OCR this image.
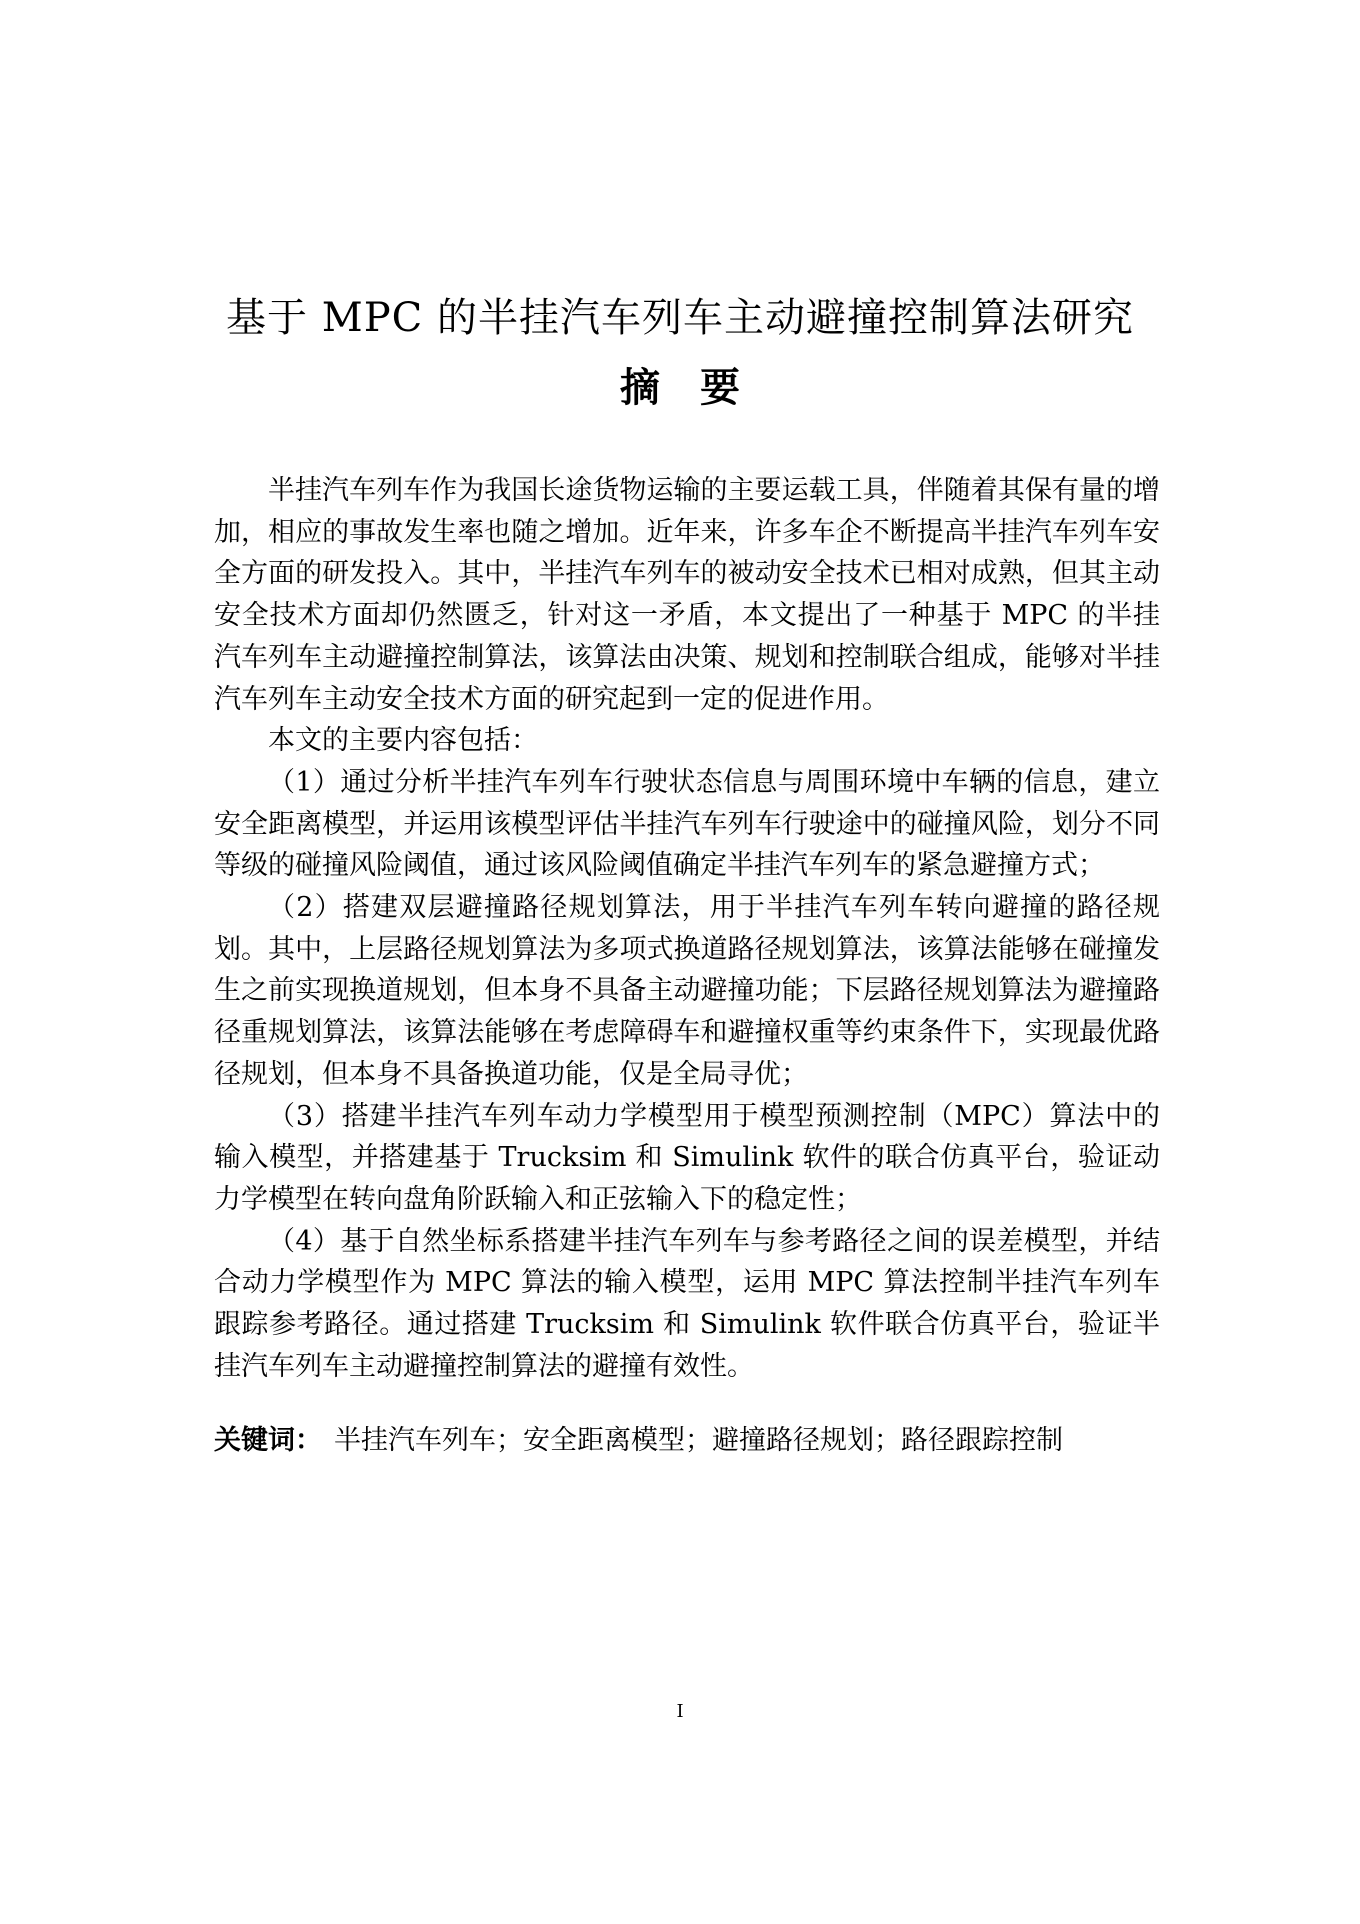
基于 MPC 的半挂汽车列车主动避撞控制算法研究
摘要

半挂汽车列车作为我国长途货物运输的主要运载工具，伴随着其保有量的增加，相应的事故发生率也随之增加。近年来，许多车企不断提高半挂汽车列车安全方面的研发投入。其中，半挂汽车列车的被动安全技术已相对成熟，但其主动安全技术方面却仍然匮乏，针对这一矛盾，本文提出了一种基于 MPC 的半挂汽车列车主动避撞控制算法，该算法由决策、规划和控制联合组成，能够对半挂汽车列车主动安全技术方面的研究起到一定的促进作用。

本文的主要内容包括：

（1）通过分析半挂汽车列车行驶状态信息与周围环境中车辆的信息，建立安全距离模型，并运用该模型评估半挂汽车列车行驶途中的碰撞风险，划分不同等级的碰撞风险阈值，通过该风险阈值确定半挂汽车列车的紧急避撞方式；

（2）搭建双层避撞路径规划算法，用于半挂汽车列车转向避撞的路径规划。其中，上层路径规划算法为多项式换道路径规划算法，该算法能够在碰撞发生之前实现换道规划，但本身不具备主动避撞功能；下层路径规划算法为避撞路径重规划算法，该算法能够在考虑障碍车和避撞权重等约束条件下，实现最优路径规划，但本身不具备换道功能，仅是全局寻优；

（3）搭建半挂汽车列车动力学模型用于模型预测控制（MPC）算法中的输入模型，并搭建基于 Trucksim 和 Simulink 软件的联合仿真平台，验证动力学模型在转向盘角阶跃输入和正弦输入下的稳定性；

（4）基于自然坐标系搭建半挂汽车列车与参考路径之间的误差模型，并结合动力学模型作为 MPC 算法的输入模型，运用 MPC 算法控制半挂汽车列车跟踪参考路径。通过搭建 Trucksim 和 Simulink 软件联合仿真平台，验证半挂汽车列车主动避撞控制算法的避撞有效性。

关键词： 半挂汽车列车；安全距离模型；避撞路径规划；路径跟踪控制
I
